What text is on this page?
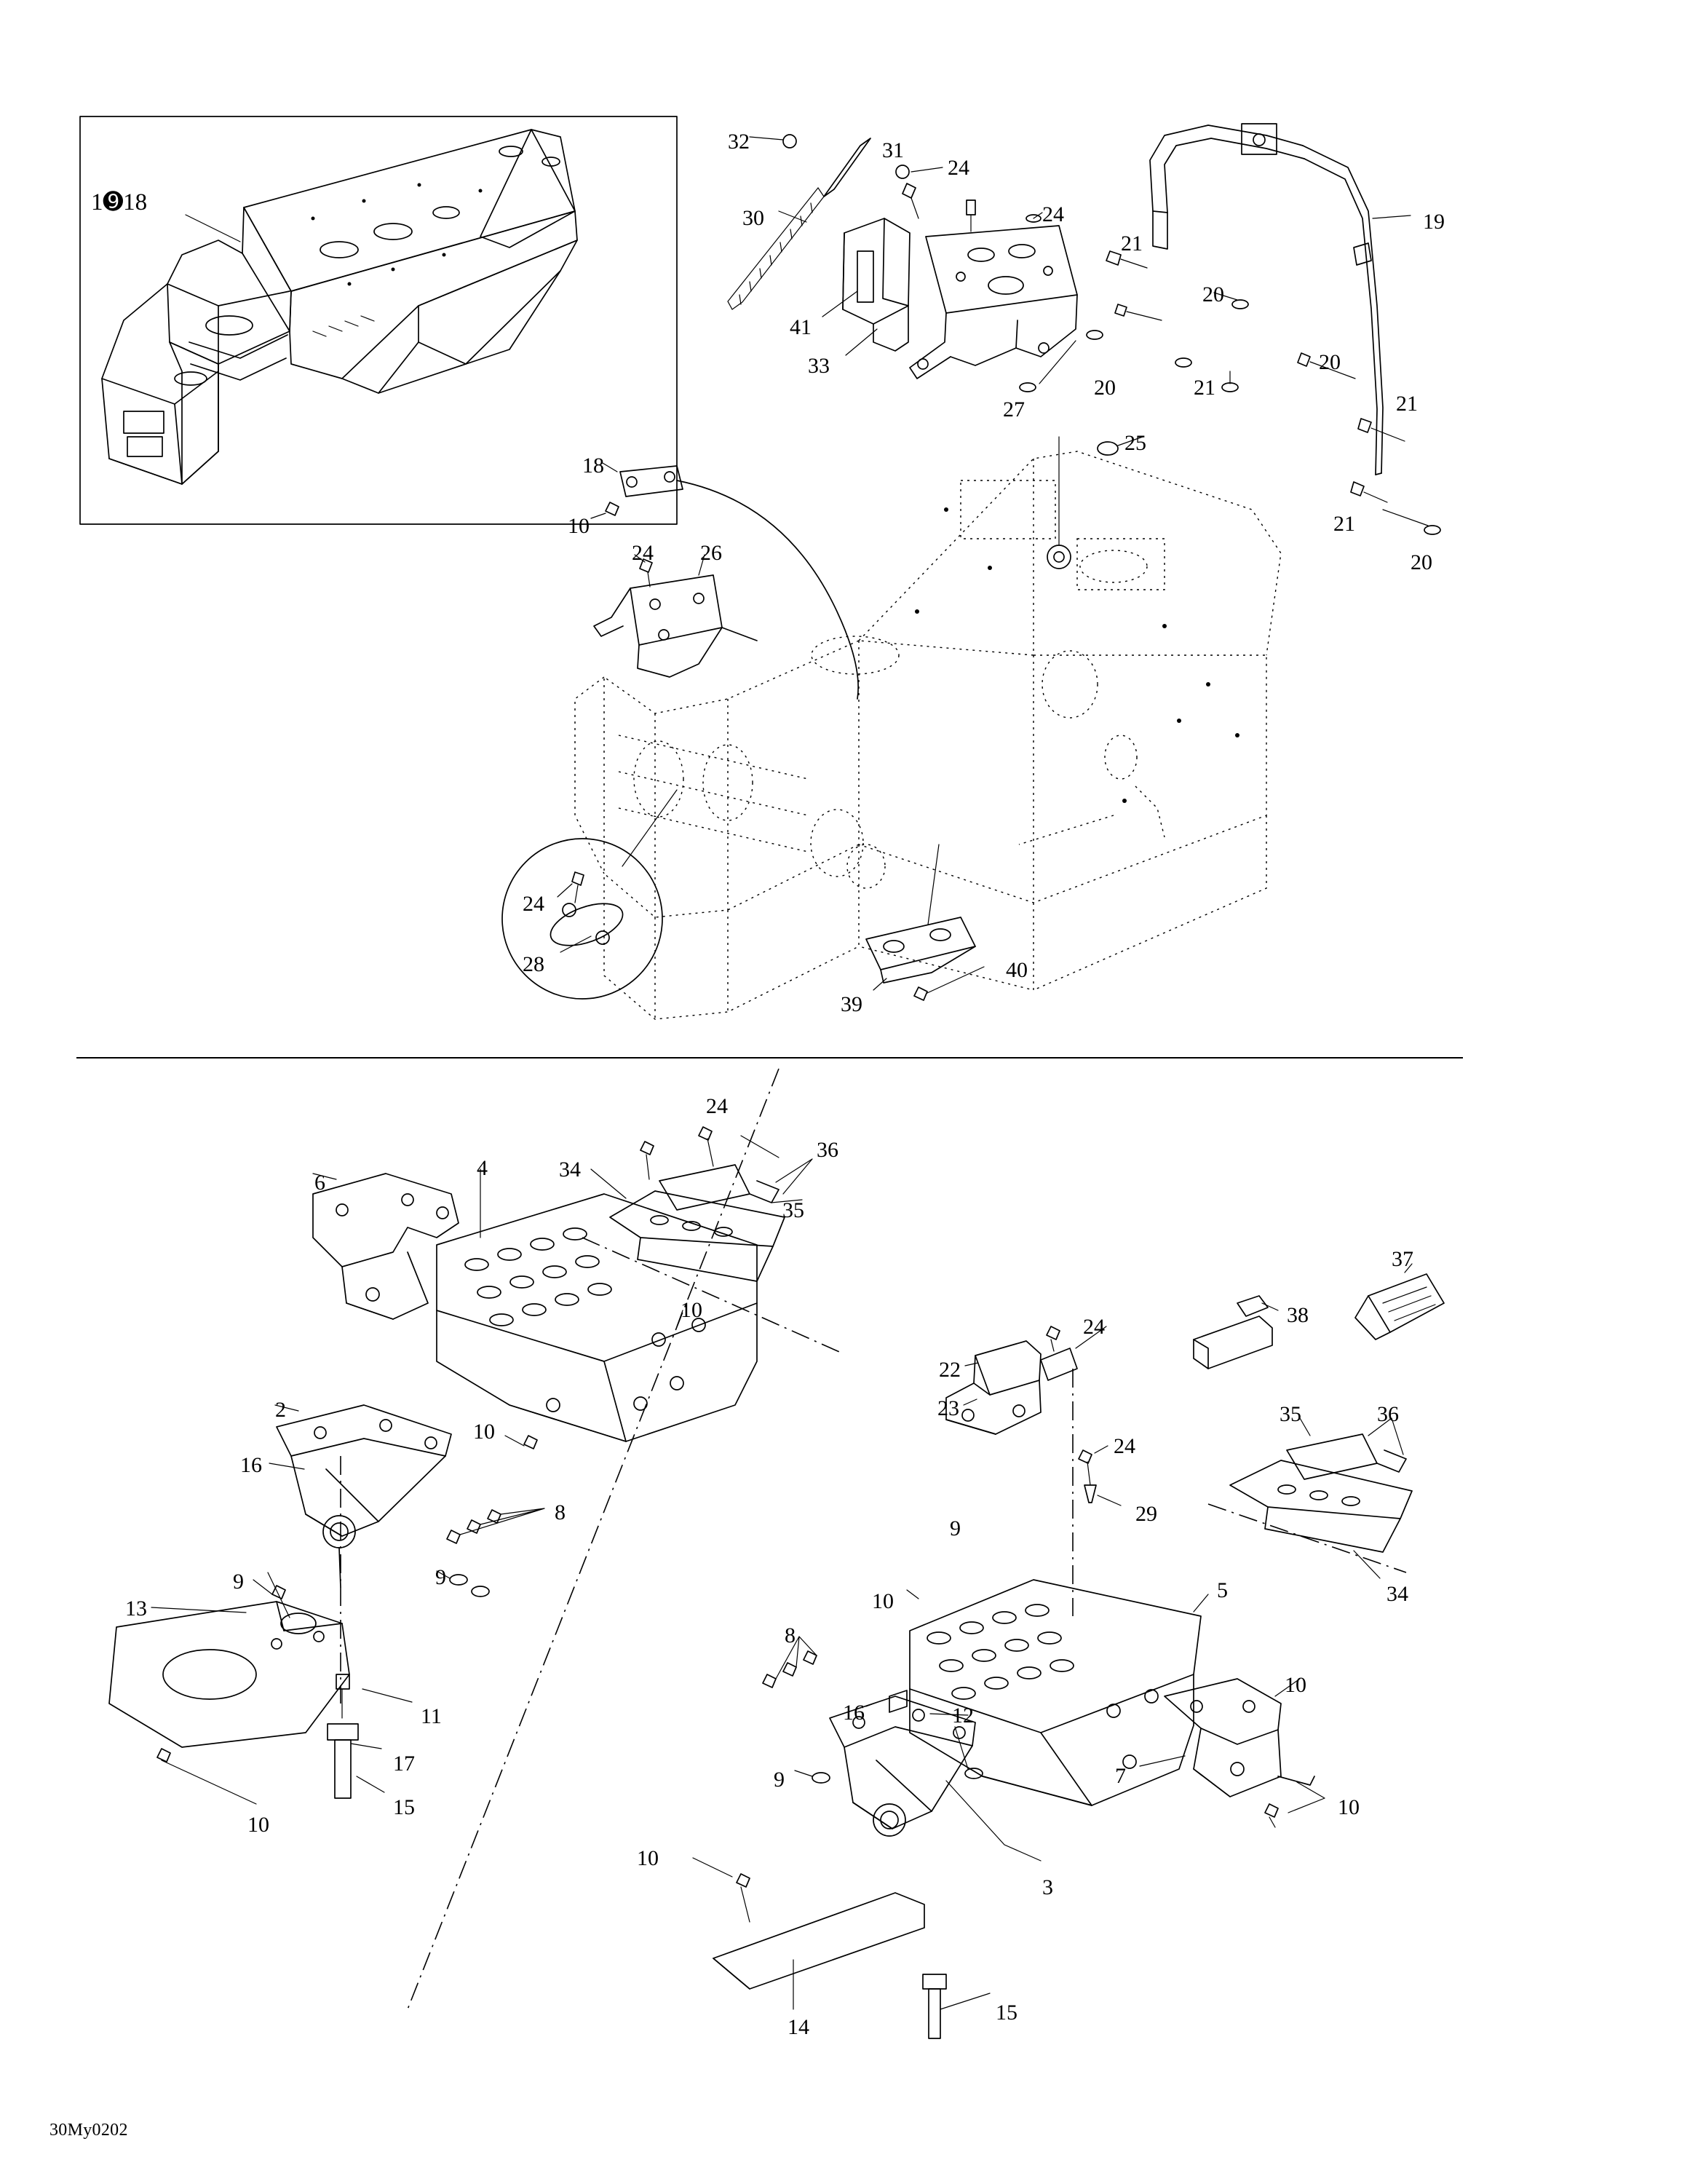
1➒18
32	31
24
30	24
21
19
20
41
33
20	21
20
21
27
25
21
20
18
10
24 26
24
28
39
40
24
36
34
4
6
35
10
2
10
16
8
9	9
13
11
17
15
10
37
38
24
22
23	35	36
24
29
9
34
10	5
10
8
16	12
7
10
9
3
10
14
15
30My0202
